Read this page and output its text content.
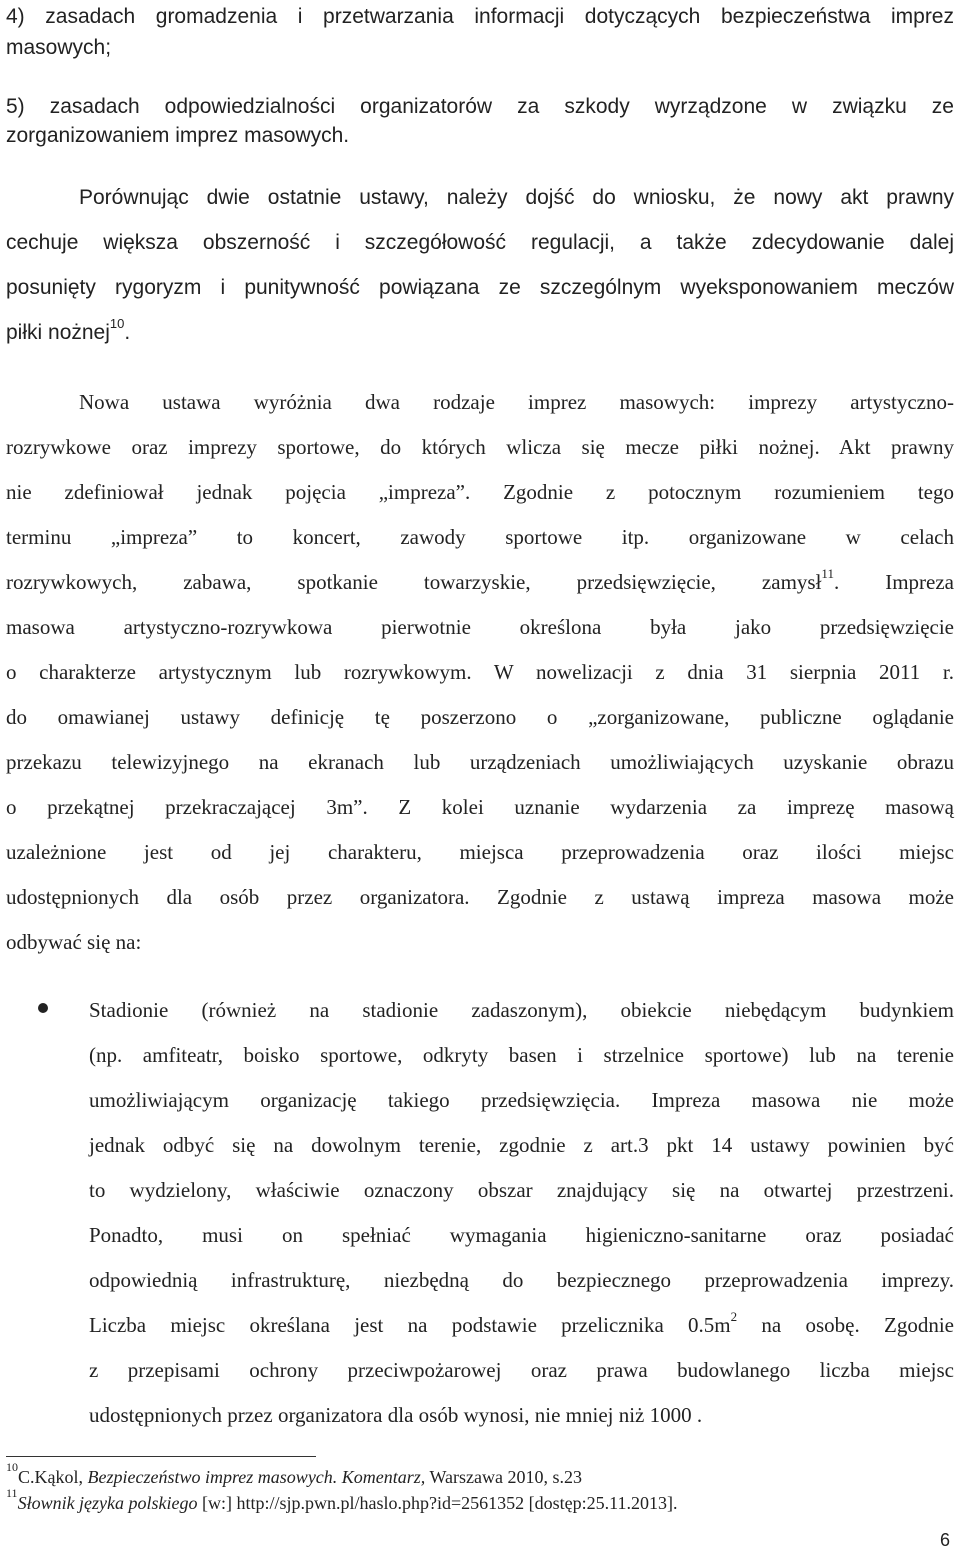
4) zasadach gromadzenia i przetwarzania informacji dotyczących bezpieczeństwa imprez
masowych;
5) zasadach odpowiedzialności organizatorów za szkody wyrządzone w związku ze
zorganizowaniem imprez masowych.
Porównując dwie ostatnie ustawy, należy dojść do wniosku, że nowy akt prawny
cechuje większa obszerność i szczegółowość regulacji, a także zdecydowanie dalej
posunięty rygoryzm i punitywność powiązana ze szczególnym wyeksponowaniem meczów
piłki nożnej$^{10}$.
Nowa ustawa wyróżnia dwa rodzaje imprez masowych: imprezy artystyczno-
rozrywkowe oraz imprezy sportowe, do których wlicza się mecze piłki nożnej. Akt prawny
nie zdefiniował jednak pojęcia „impreza”. Zgodnie z potocznym rozumieniem tego
terminu „impreza” to koncert, zawody sportowe itp. organizowane w celach
rozrywkowych, zabawa, spotkanie towarzyskie, przedsięwzięcie, zamysł$^{11}$. Impreza
masowa artystyczno-rozrywkowa pierwotnie określona była jako przedsięwzięcie
o charakterze artystycznym lub rozrywkowym. W nowelizacji z dnia 31 sierpnia 2011 r.
do omawianej ustawy definicję tę poszerzono o „zorganizowane, publiczne oglądanie
przekazu telewizyjnego na ekranach lub urządzeniach umożliwiających uzyskanie obrazu
o przekątnej przekraczającej 3m”. Z kolei uznanie wydarzenia za imprezę masową
uzależnione jest od jej charakteru, miejsca przeprowadzenia oraz ilości miejsc
udostępnionych dla osób przez organizatora. Zgodnie z ustawą impreza masowa może
odbywać się na:
Stadionie (również na stadionie zadaszonym), obiekcie niebędącym budynkiem
(np. amfiteatr, boisko sportowe, odkryty basen i strzelnice sportowe) lub na terenie
umożliwiającym organizację takiego przedsięwzięcia. Impreza masowa nie może
jednak odbyć się na dowolnym terenie, zgodnie z art.3 pkt 14 ustawy powinien być
to wydzielony, właściwie oznaczony obszar znajdujący się na otwartej przestrzeni.
Ponadto, musi on spełniać wymagania higieniczno-sanitarne oraz posiadać
odpowiednią infrastrukturę, niezbędną do bezpiecznego przeprowadzenia imprezy.
Liczba miejsc określana jest na podstawie przelicznika $0.5m^2$ na osobę. Zgodnie
z przepisami ochrony przeciwpożarowej oraz prawa budowlanego liczba miejsc
udostępnionych przez organizatora dla osób wynosi, nie mniej niż 1000 .
$^{10}$C.Kąkol, Bezpieczeństwo imprez masowych. Komentarz, Warszawa 2010, s.23
$^{11}$Słownik języka polskiego [w:] http://sjp.pwn.pl/haslo.php?id=2561352 [dostęp:25.11.2013].
6
